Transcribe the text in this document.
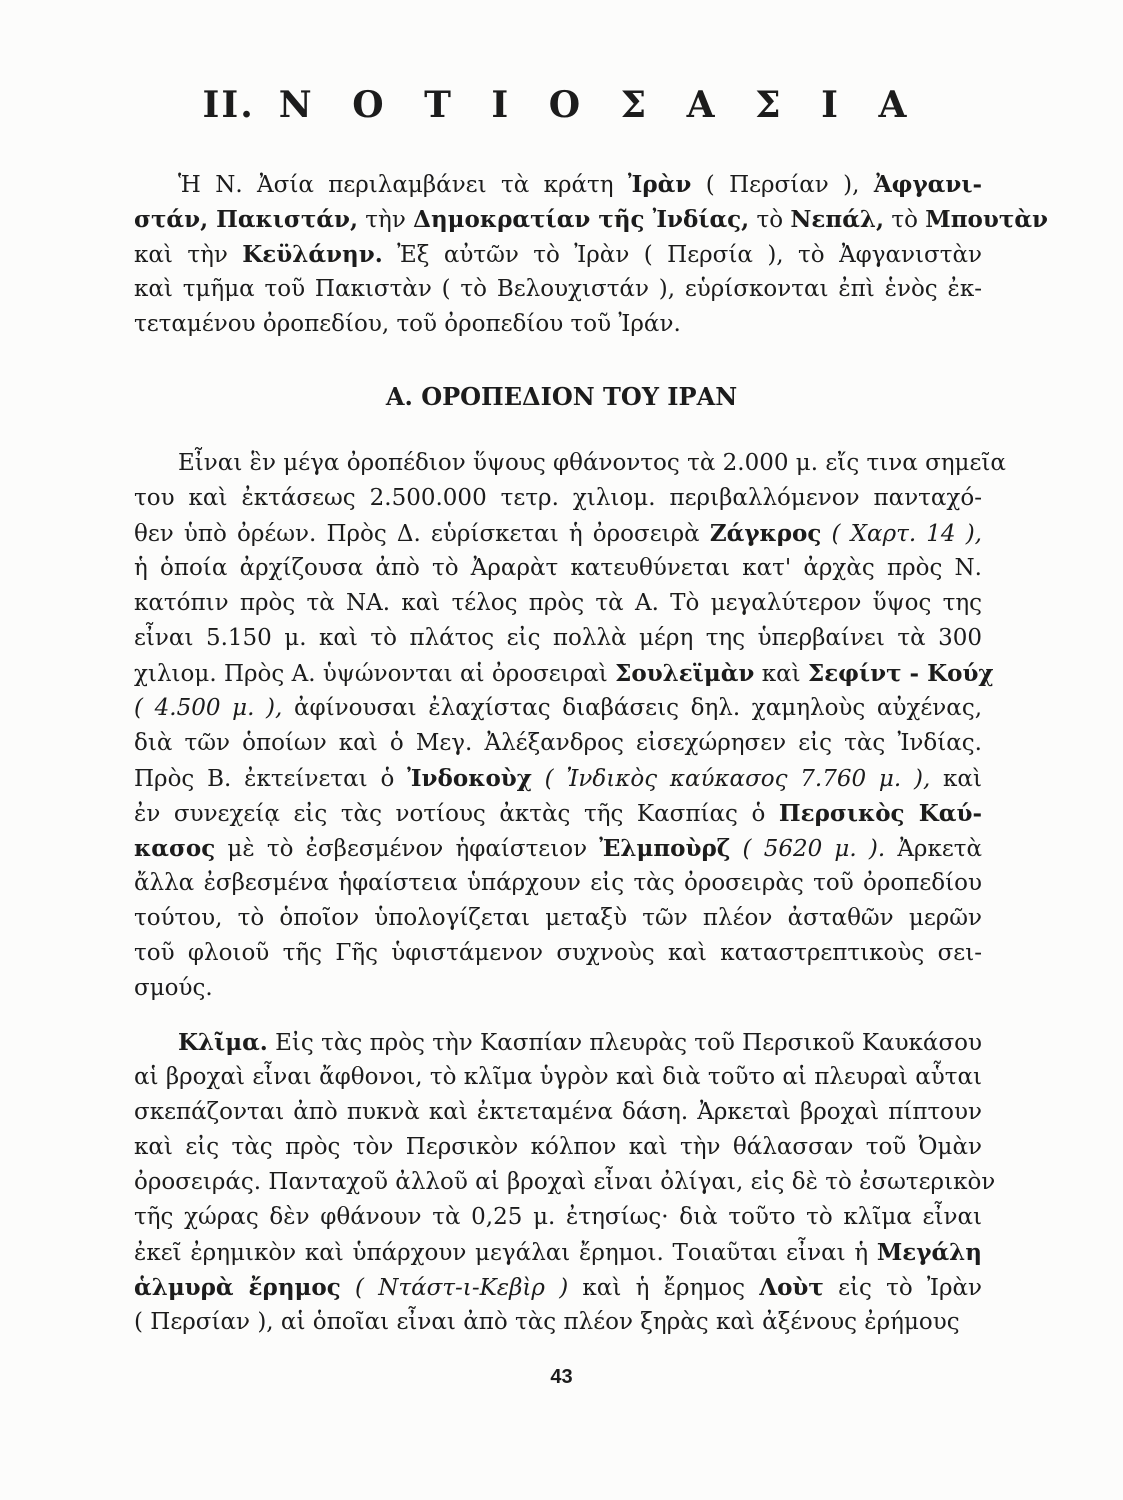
II. Ν Ο Τ Ι Ο Σ Α Σ Ι Α
Ἡ Ν. Ἀσία περιλαμβάνει τὰ κράτη Ἰρὰν ( Περσίαν ), Ἀφγανι-
στάν, Πακιστάν, τὴν Δημοκρατίαν τῆς Ἰνδίας, τὸ Νεπάλ, τὸ Μπουτὰν
καὶ τὴν Κεϋλάνην. Ἐξ αὐτῶν τὸ Ἰρὰν ( Περσία ), τὸ Ἀφγανιστὰν
καὶ τμῆμα τοῦ Πακιστὰν ( τὸ Βελουχιστάν ), εὑρίσκονται ἐπὶ ἑνὸς ἐκ-
τεταμένου ὀροπεδίου, τοῦ ὀροπεδίου τοῦ Ἰράν.
Α. ΟΡΟΠΕΔΙΟΝ ΤΟΥ ΙΡΑΝ
Εἶναι ἓν μέγα ὀροπέδιον ὕψους φθάνοντος τὰ 2.000 μ. εἴς τινα σημεῖα
του καὶ ἐκτάσεως 2.500.000 τετρ. χιλιομ. περιβαλλόμενον πανταχό-
θεν ὑπὸ ὀρέων. Πρὸς Δ. εὑρίσκεται ἡ ὀροσειρὰ Ζάγκρος ( Χαρτ. 14 ),
ἡ ὁποία ἀρχίζουσα ἀπὸ τὸ Ἀραρὰτ κατευθύνεται κατ' ἀρχὰς πρὸς Ν.
κατόπιν πρὸς τὰ ΝΑ. καὶ τέλος πρὸς τὰ Α. Τὸ μεγαλύτερον ὕψος της
εἶναι 5.150 μ. καὶ τὸ πλάτος εἰς πολλὰ μέρη της ὑπερβαίνει τὰ 300
χιλιομ. Πρὸς Α. ὑψώνονται αἱ ὀροσειραὶ Σουλεϊμὰν καὶ Σεφίντ - Κούχ
( 4.500 μ. ), ἀφίνουσαι ἐλαχίστας διαβάσεις δηλ. χαμηλοὺς αὐχένας,
διὰ τῶν ὁποίων καὶ ὁ Μεγ. Ἀλέξανδρος εἰσεχώρησεν εἰς τὰς Ἰνδίας.
Πρὸς Β. ἐκτείνεται ὁ Ἰνδοκοὺχ ( Ἰνδικὸς καύκασος 7.760 μ. ), καὶ
ἐν συνεχείᾳ εἰς τὰς νοτίους ἀκτὰς τῆς Κασπίας ὁ Περσικὸς Καύ-
κασος μὲ τὸ ἐσβεσμένον ἡφαίστειον Ἐλμποὺρζ ( 5620 μ. ). Ἀρκετὰ
ἄλλα ἐσβεσμένα ἡφαίστεια ὑπάρχουν εἰς τὰς ὀροσειρὰς τοῦ ὀροπεδίου
τούτου, τὸ ὁποῖον ὑπολογίζεται μεταξὺ τῶν πλέον ἀσταθῶν μερῶν
τοῦ φλοιοῦ τῆς Γῆς ὑφιστάμενον συχνοὺς καὶ καταστρεπτικοὺς σει-
σμούς.
Κλῖμα. Εἰς τὰς πρὸς τὴν Κασπίαν πλευρὰς τοῦ Περσικοῦ Καυκάσου
αἱ βροχαὶ εἶναι ἄφθονοι, τὸ κλῖμα ὑγρὸν καὶ διὰ τοῦτο αἱ πλευραὶ αὗται
σκεπάζονται ἀπὸ πυκνὰ καὶ ἐκτεταμένα δάση. Ἀρκεταὶ βροχαὶ πίπτουν
καὶ εἰς τὰς πρὸς τὸν Περσικὸν κόλπον καὶ τὴν θάλασσαν τοῦ Ὀμὰν
ὀροσειράς. Πανταχοῦ ἀλλοῦ αἱ βροχαὶ εἶναι ὀλίγαι, εἰς δὲ τὸ ἐσωτερικὸν
τῆς χώρας δὲν φθάνουν τὰ 0,25 μ. ἐτησίως· διὰ τοῦτο τὸ κλῖμα εἶναι
ἐκεῖ ἐρημικὸν καὶ ὑπάρχουν μεγάλαι ἔρημοι. Τοιαῦται εἶναι ἡ Μεγάλη
ἁλμυρὰ ἔρημος ( Ντάστ-ι-Κεβὶρ ) καὶ ἡ ἔρημος Λοὺτ εἰς τὸ Ἰρὰν
( Περσίαν ), αἱ ὁποῖαι εἶναι ἀπὸ τὰς πλέον ξηρὰς καὶ ἀξένους ἐρήμους
43
